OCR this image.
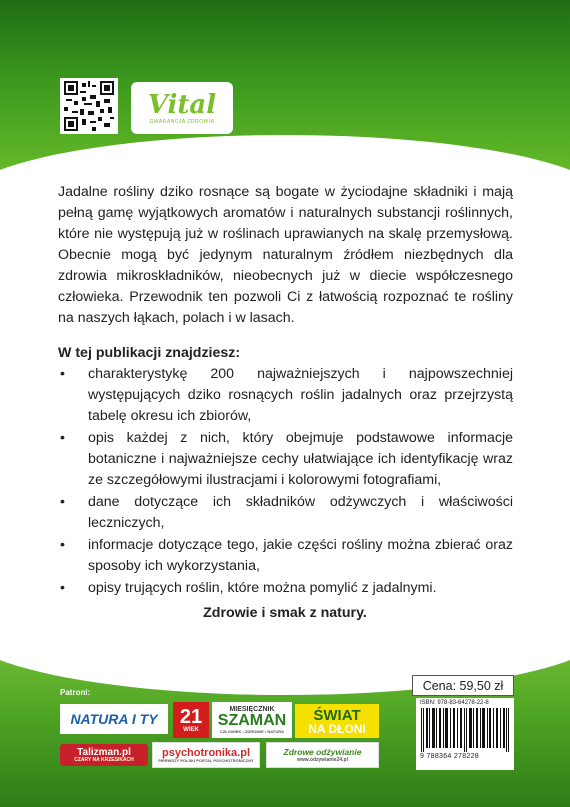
Vital
GWARANCJA ZDROWIA

Jadalne rośliny dziko rosnące są bogate w życiodajne składniki i mają pełną gamę wyjątkowych aromatów i naturalnych substancji roślinnych, które nie występują już w roślinach uprawianych na skalę przemysłową. Obecnie mogą być jedynym naturalnym źródłem niezbędnych dla zdrowia mikroskładników, nieobecnych już w diecie współczesnego człowieka. Przewodnik ten pozwoli Ci z łatwością rozpoznać te rośliny na naszych łąkach, polach i w lasach.

W tej publikacji znajdziesz:
• charakterystykę 200 najważniejszych i najpowszechniej występujących dziko rosnących roślin jadalnych oraz przejrzystą tabelę okresu ich zbiorów,
• opis każdej z nich, który obejmuje podstawowe informacje botaniczne i najważniejsze cechy ułatwiające ich identyfikację wraz ze szczegółowymi ilustracjami i kolorowymi fotografiami,
• dane dotyczące ich składników odżywczych i właściwości leczniczych,
• informacje dotyczące tego, jakie części rośliny można zbierać oraz sposoby ich wykorzystania,
• opisy trujących roślin, które można pomylić z jadalnymi.
Zdrowie i smak z natury.
Patroni:
NATURA I TY 21
WIEK
MIESIĘCZNIK
SZAMAN
CZŁOWIEK • ZDROWIE • NATURA
ŚWIAT
NA DŁONI
Talizman.pl
CZARY NA KRZESIKACH
psychotronika.pl
PIERWSZY POLSKI PORTAL PSYCHOTRONICZNY
Zdrowe odżywianie
www.odzywianie24.pl
Cena: 59,50 zł
ISBN: 978-83-64278-22-8
9 788364 278228
